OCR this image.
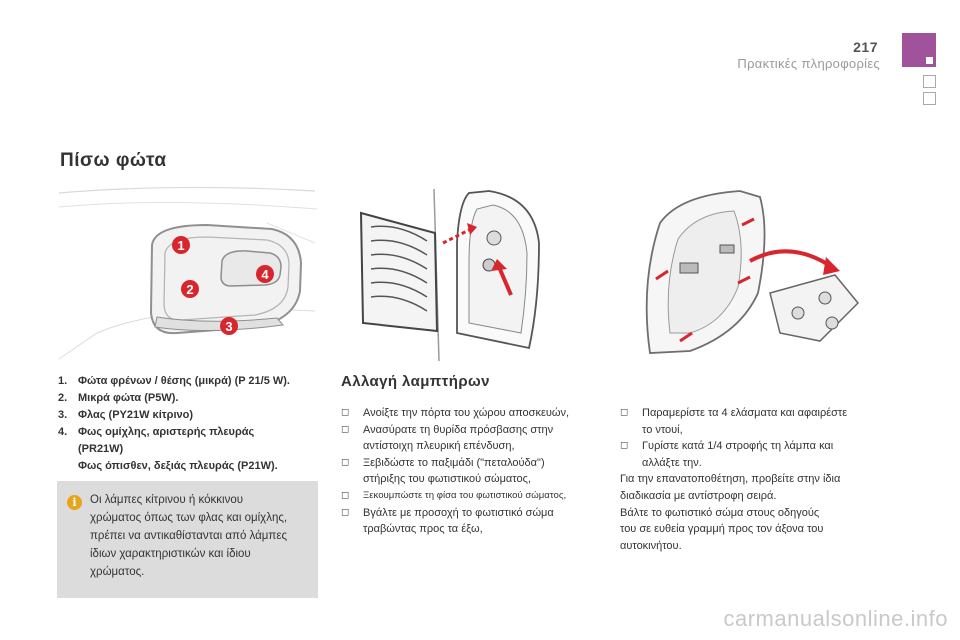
217
Πρακτικές πληροφορίες
Πίσω φώτα
1
2
3
4
1. Φώτα φρένων / θέσης (μικρά) (P 21/5 W).
2. Μικρά φώτα (P5W).
3. Φλας (PY21W κίτρινο)
4. Φως ομίχλης, αριστερής πλευράς
(PR21W)
Φως όπισθεν, δεξιάς πλευράς (P21W).
i	Οι λάμπες κίτρινου ή κόκκινου
χρώματος όπως των φλας και ομίχλης,
πρέπει να αντικαθίστανται από λάμπες
ίδιων χαρακτηριστικών και ίδιου
χρώματος.
Αλλαγή λαμπτήρων
◻	Ανοίξτε την πόρτα του χώρου αποσκευών,
◻	Ανασύρατε τη θυρίδα πρόσβασης στην
αντίστοιχη πλευρική επένδυση,
◻	Ξεβιδώστε το παξιμάδι ("πεταλούδα")
στήριξης του φωτιστικού σώματος,
◻	Ξεκουμπώστε τη φίσα του φωτιστικού σώματος,
◻	Βγάλτε με προσοχή το φωτιστικό σώμα
τραβώντας προς τα έξω,
◻	Παραμερίστε τα 4 ελάσματα και αφαιρέστε
το ντουί,
◻	Γυρίστε κατά 1/4 στροφής τη λάμπα και
αλλάξτε την.
Για την επανατοποθέτηση, προβείτε στην ίδια
διαδικασία με αντίστροφη σειρά.
Βάλτε το φωτιστικό σώμα στους οδηγούς
του σε ευθεία γραμμή προς τον άξονα του
αυτοκινήτου.
carmanualsonline.info
